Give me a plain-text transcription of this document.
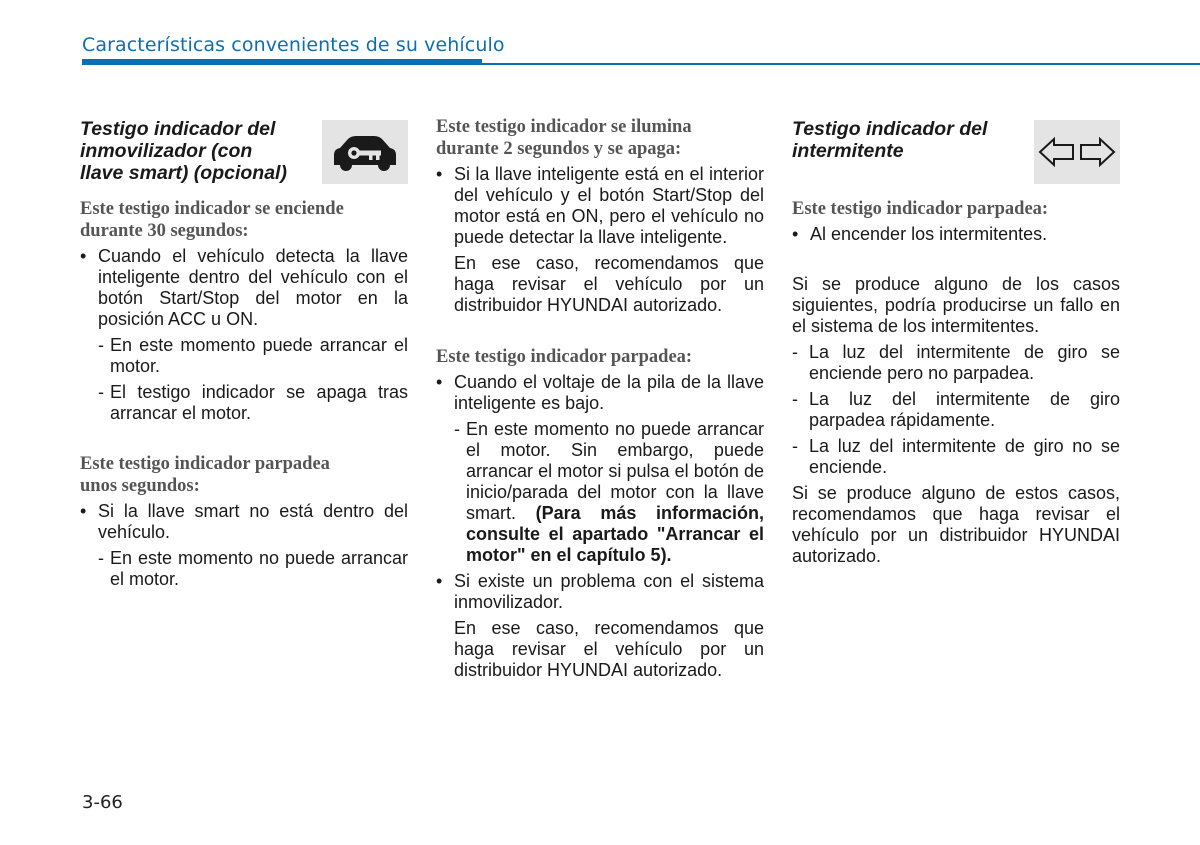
Características convenientes de su vehículo
Testigo indicador del
inmovilizador (con
llave smart) (opcional)
Este testigo indicador se enciende
durante 30 segundos:
• Cuando el vehículo detecta la llave inteligente dentro del vehículo con el botón Start/Stop del motor en la posición ACC u ON.
- En este momento puede arrancar el motor.
- El testigo indicador se apaga tras arrancar el motor.
Este testigo indicador parpadea
unos segundos:
• Si la llave smart no está dentro del vehículo.
- En este momento no puede arrancar el motor.
Este testigo indicador se ilumina
durante 2 segundos y se apaga:
• Si la llave inteligente está en el interior del vehículo y el botón Start/Stop del motor está en ON, pero el vehículo no puede detectar la llave inteligente.

En ese caso, recomendamos que haga revisar el vehículo por un distribuidor HYUNDAI autorizado.

Este testigo indicador parpadea:
• Cuando el voltaje de la pila de la llave inteligente es bajo.
- En este momento no puede arrancar el motor. Sin embargo, puede arrancar el motor si pulsa el botón de inicio/parada del motor con la llave smart. (Para más información, consulte el apartado "Arrancar el motor" en el capítulo 5).
• Si existe un problema con el sistema inmovilizador.

En ese caso, recomendamos que haga revisar el vehículo por un distribuidor HYUNDAI autorizado.

Testigo indicador del
intermitente
Este testigo indicador parpadea:
• Al encender los intermitentes.

Si se produce alguno de los casos siguientes, podría producirse un fallo en el sistema de los intermitentes.

- La luz del intermitente de giro se enciende pero no parpadea.
- La luz del intermitente de giro parpadea rápidamente.
- La luz del intermitente de giro no se enciende.

Si se produce alguno de estos casos, recomendamos que haga revisar el vehículo por un distribuidor HYUNDAI autorizado.

3-66
